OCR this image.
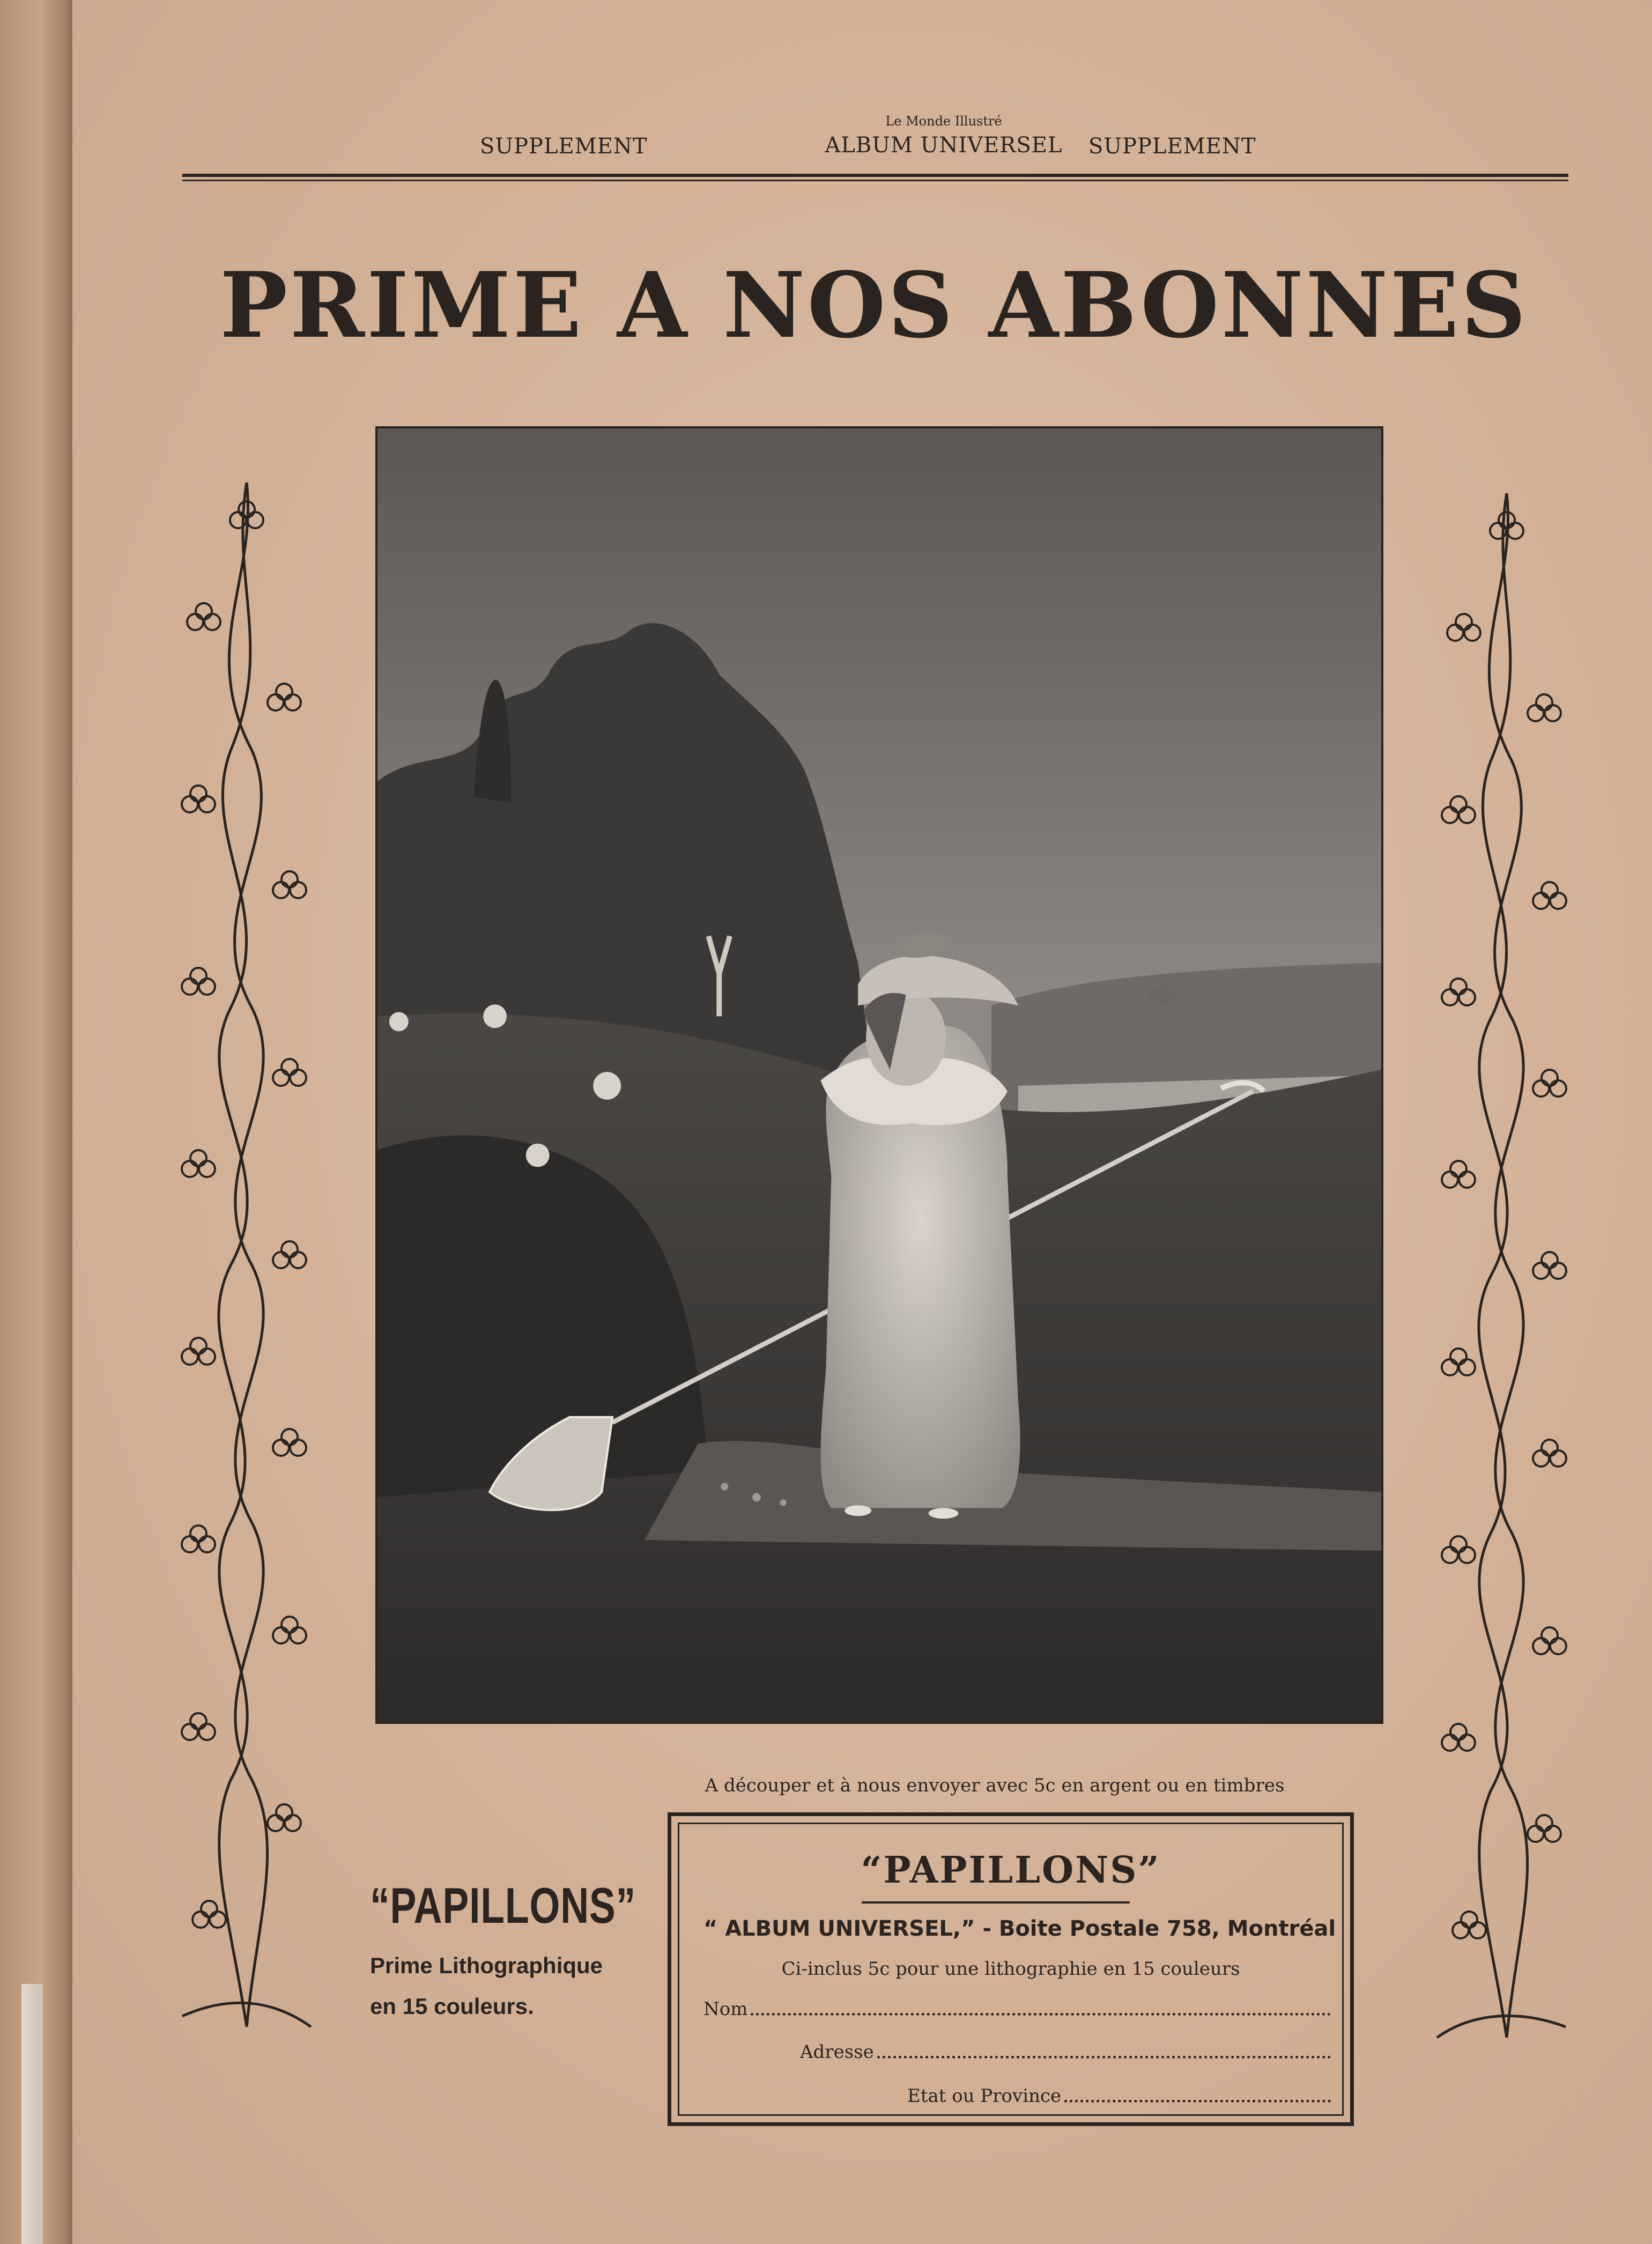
SUPPLEMENT
Le Monde Illustré
ALBUM UNIVERSEL	SUPPLEMENT
PRIME A NOS ABONNES
A découper et à nous envoyer avec 5c en argent ou en timbres
“PAPILLONS”
Prime Lithographique
en 15 couleurs.
“PAPILLONS”
“ ALBUM UNIVERSEL,” - Boite Postale 758, Montréal
Ci-inclus 5c pour une lithographie en 15 couleurs
Nom
Adresse
Etat ou Province
